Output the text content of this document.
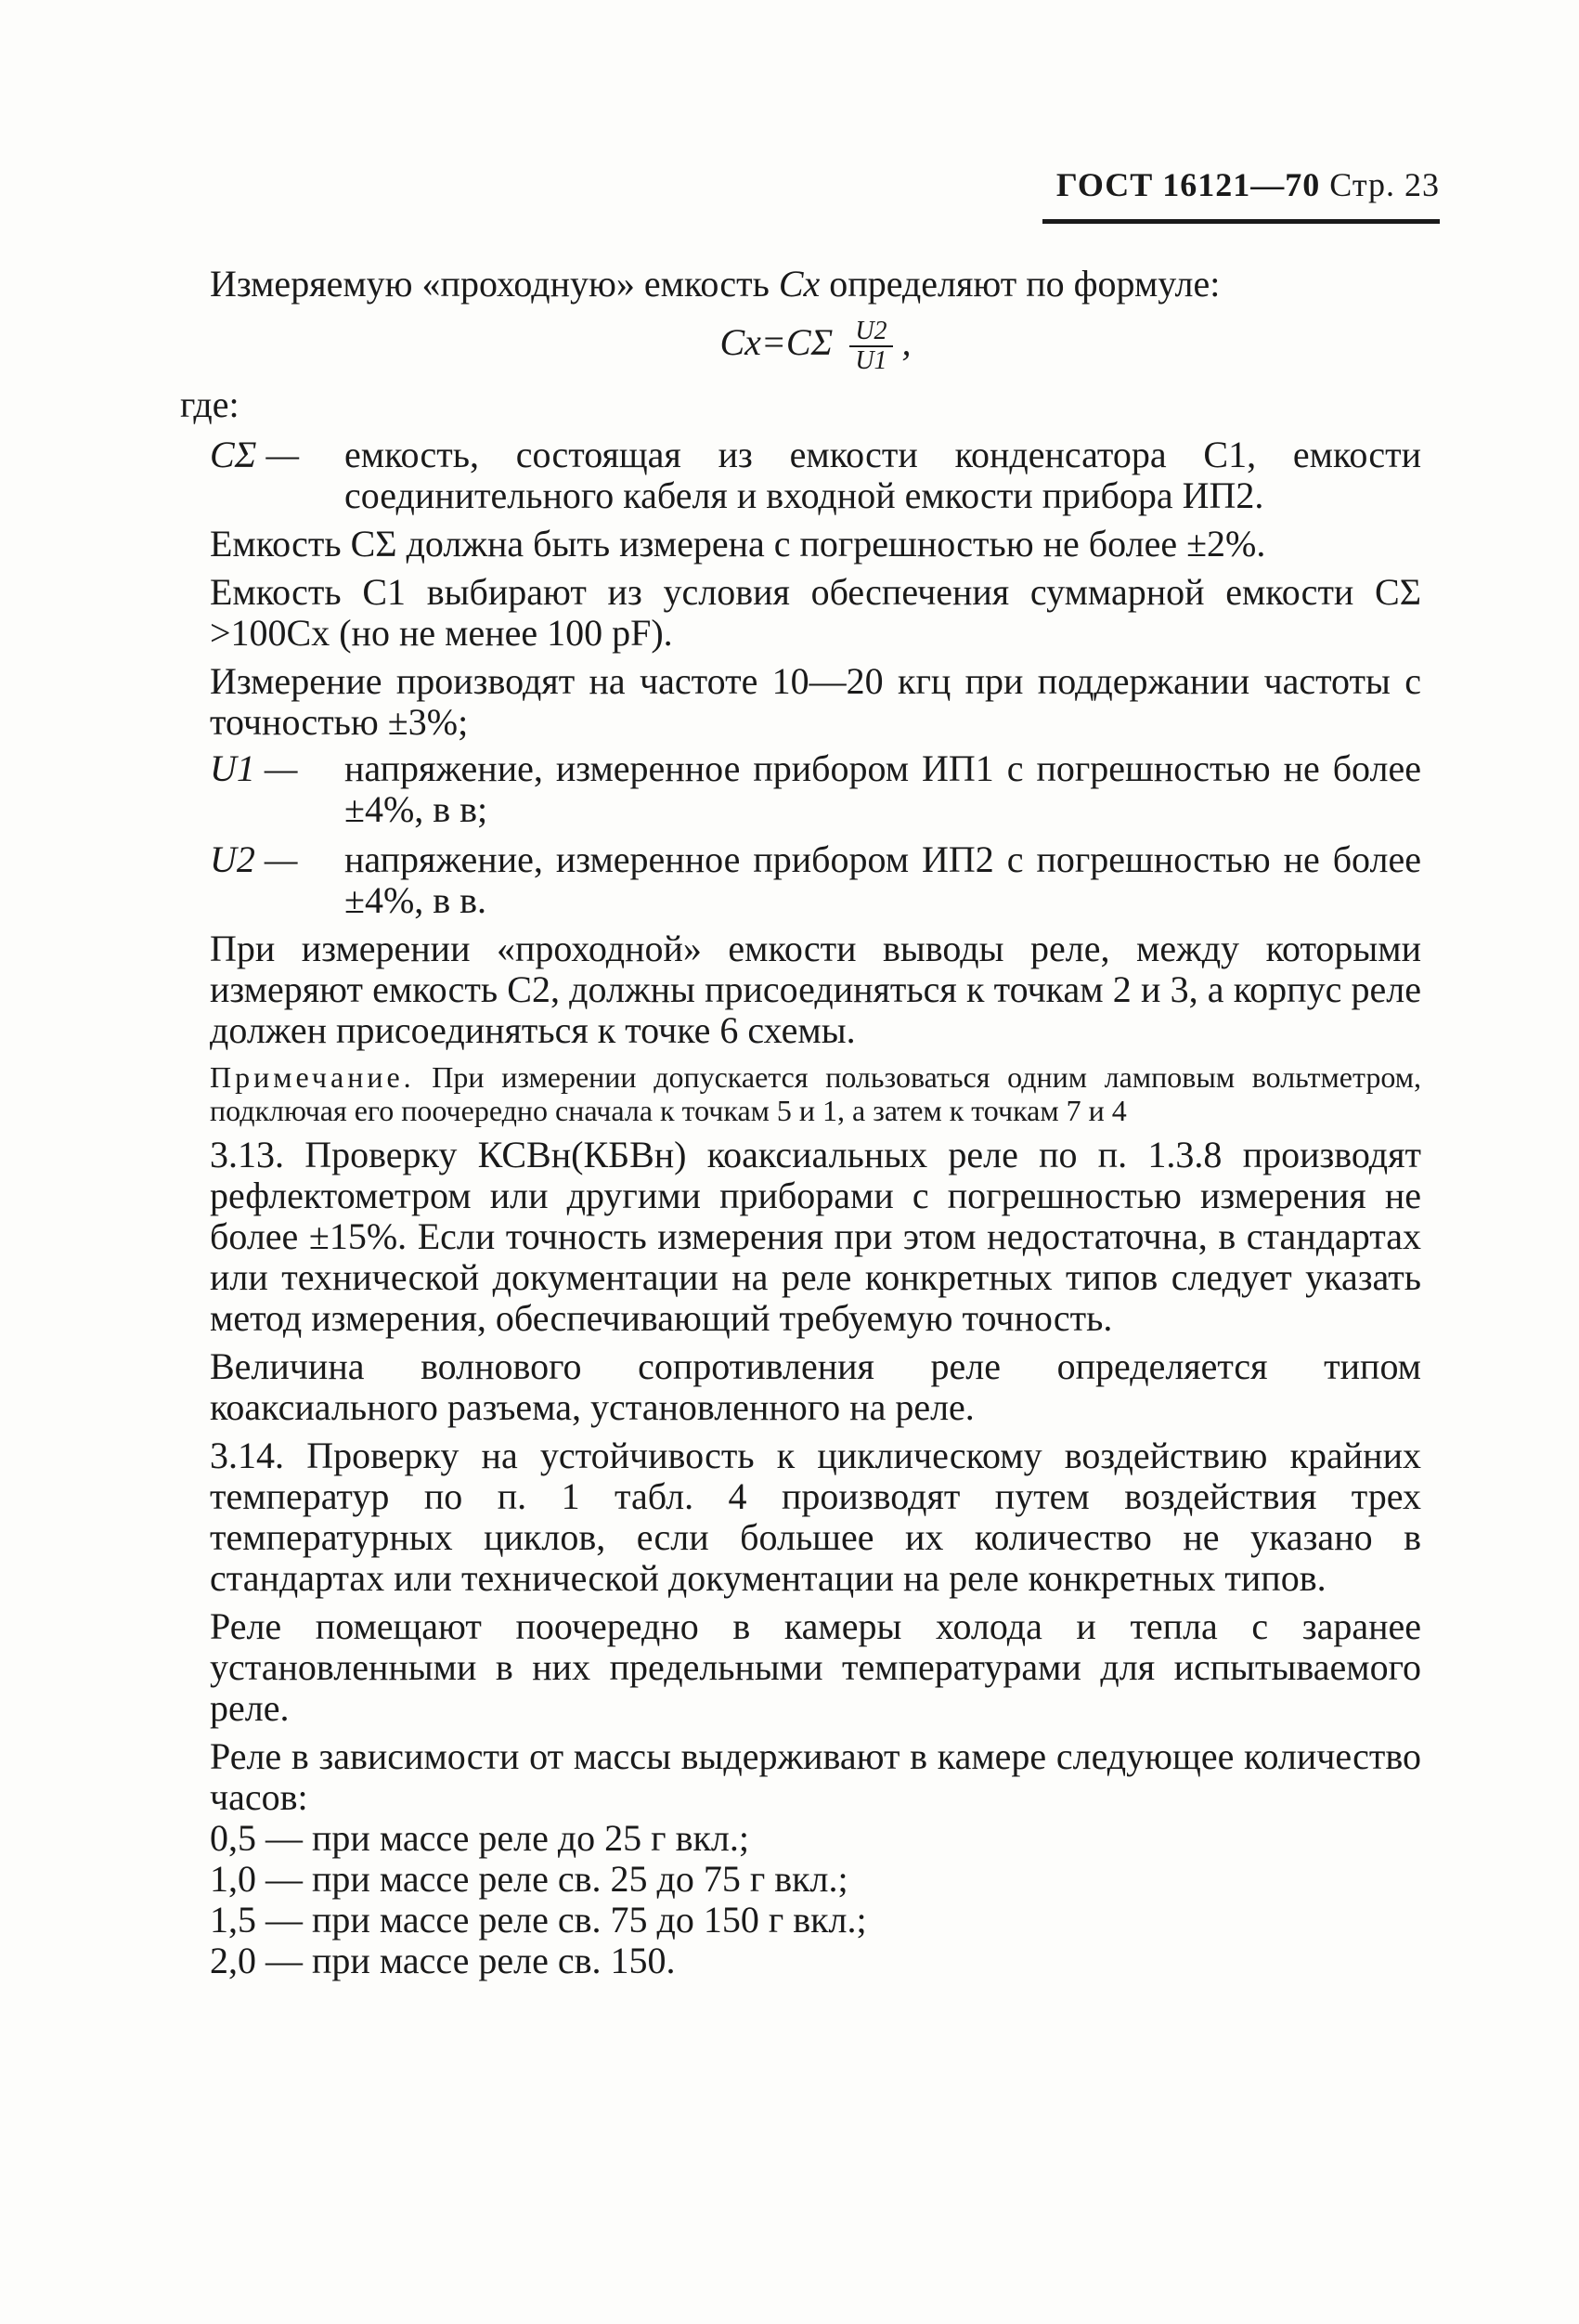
ГОСТ 16121—70 Стр. 23

Измеряемую «проходную» емкость Cx определяют по формуле:

$Cx=C\Sigma \frac{U2}{U1}$ ,

где:

CΣ —	емкость, состоящая из емкости конденсатора C1, емкости соединительного кабеля и входной емкости прибора ИП2.

Емкость CΣ должна быть измерена с погрешностью не более ±2%.

Емкость C1 выбирают из условия обеспечения суммарной емкости CΣ >100Cx (но не менее 100 pF).

Измерение производят на частоте 10—20 кгц при поддержании частоты с точностью ±3%;

U1 —	напряжение, измеренное прибором ИП1 с погрешностью не более ±4%, в в;
U2 —	напряжение, измеренное прибором ИП2 с погрешностью не более ±4%, в в.

При измерении «проходной» емкости выводы реле, между которыми измеряют емкость C2, должны присоединяться к точкам 2 и 3, а корпус реле должен присоединяться к точке 6 схемы.

Примечание. При измерении допускается пользоваться одним ламповым вольтметром, подключая его поочередно сначала к точкам 5 и 1, а затем к точкам 7 и 4

3.13. Проверку КСВн(КБВн) коаксиальных реле по п. 1.3.8 производят рефлектометром или другими приборами с погрешностью измерения не более ±15%. Если точность измерения при этом недостаточна, в стандартах или технической документации на реле конкретных типов следует указать метод измерения, обеспечивающий требуемую точность.

Величина волнового сопротивления реле определяется типом коаксиального разъема, установленного на реле.

3.14. Проверку на устойчивость к циклическому воздействию крайних температур по п. 1 табл. 4 производят путем воздействия трех температурных циклов, если большее их количество не указано в стандартах или технической документации на реле конкретных типов.

Реле помещают поочередно в камеры холода и тепла с заранее установленными в них предельными температурами для испытываемого реле.

Реле в зависимости от массы выдерживают в камере следующее количество часов:

0,5 — при массе реле до 25 г вкл.;

1,0 — при массе реле св. 25 до 75 г вкл.;

1,5 — при массе реле св. 75 до 150 г вкл.;

2,0 — при массе реле св. 150.
